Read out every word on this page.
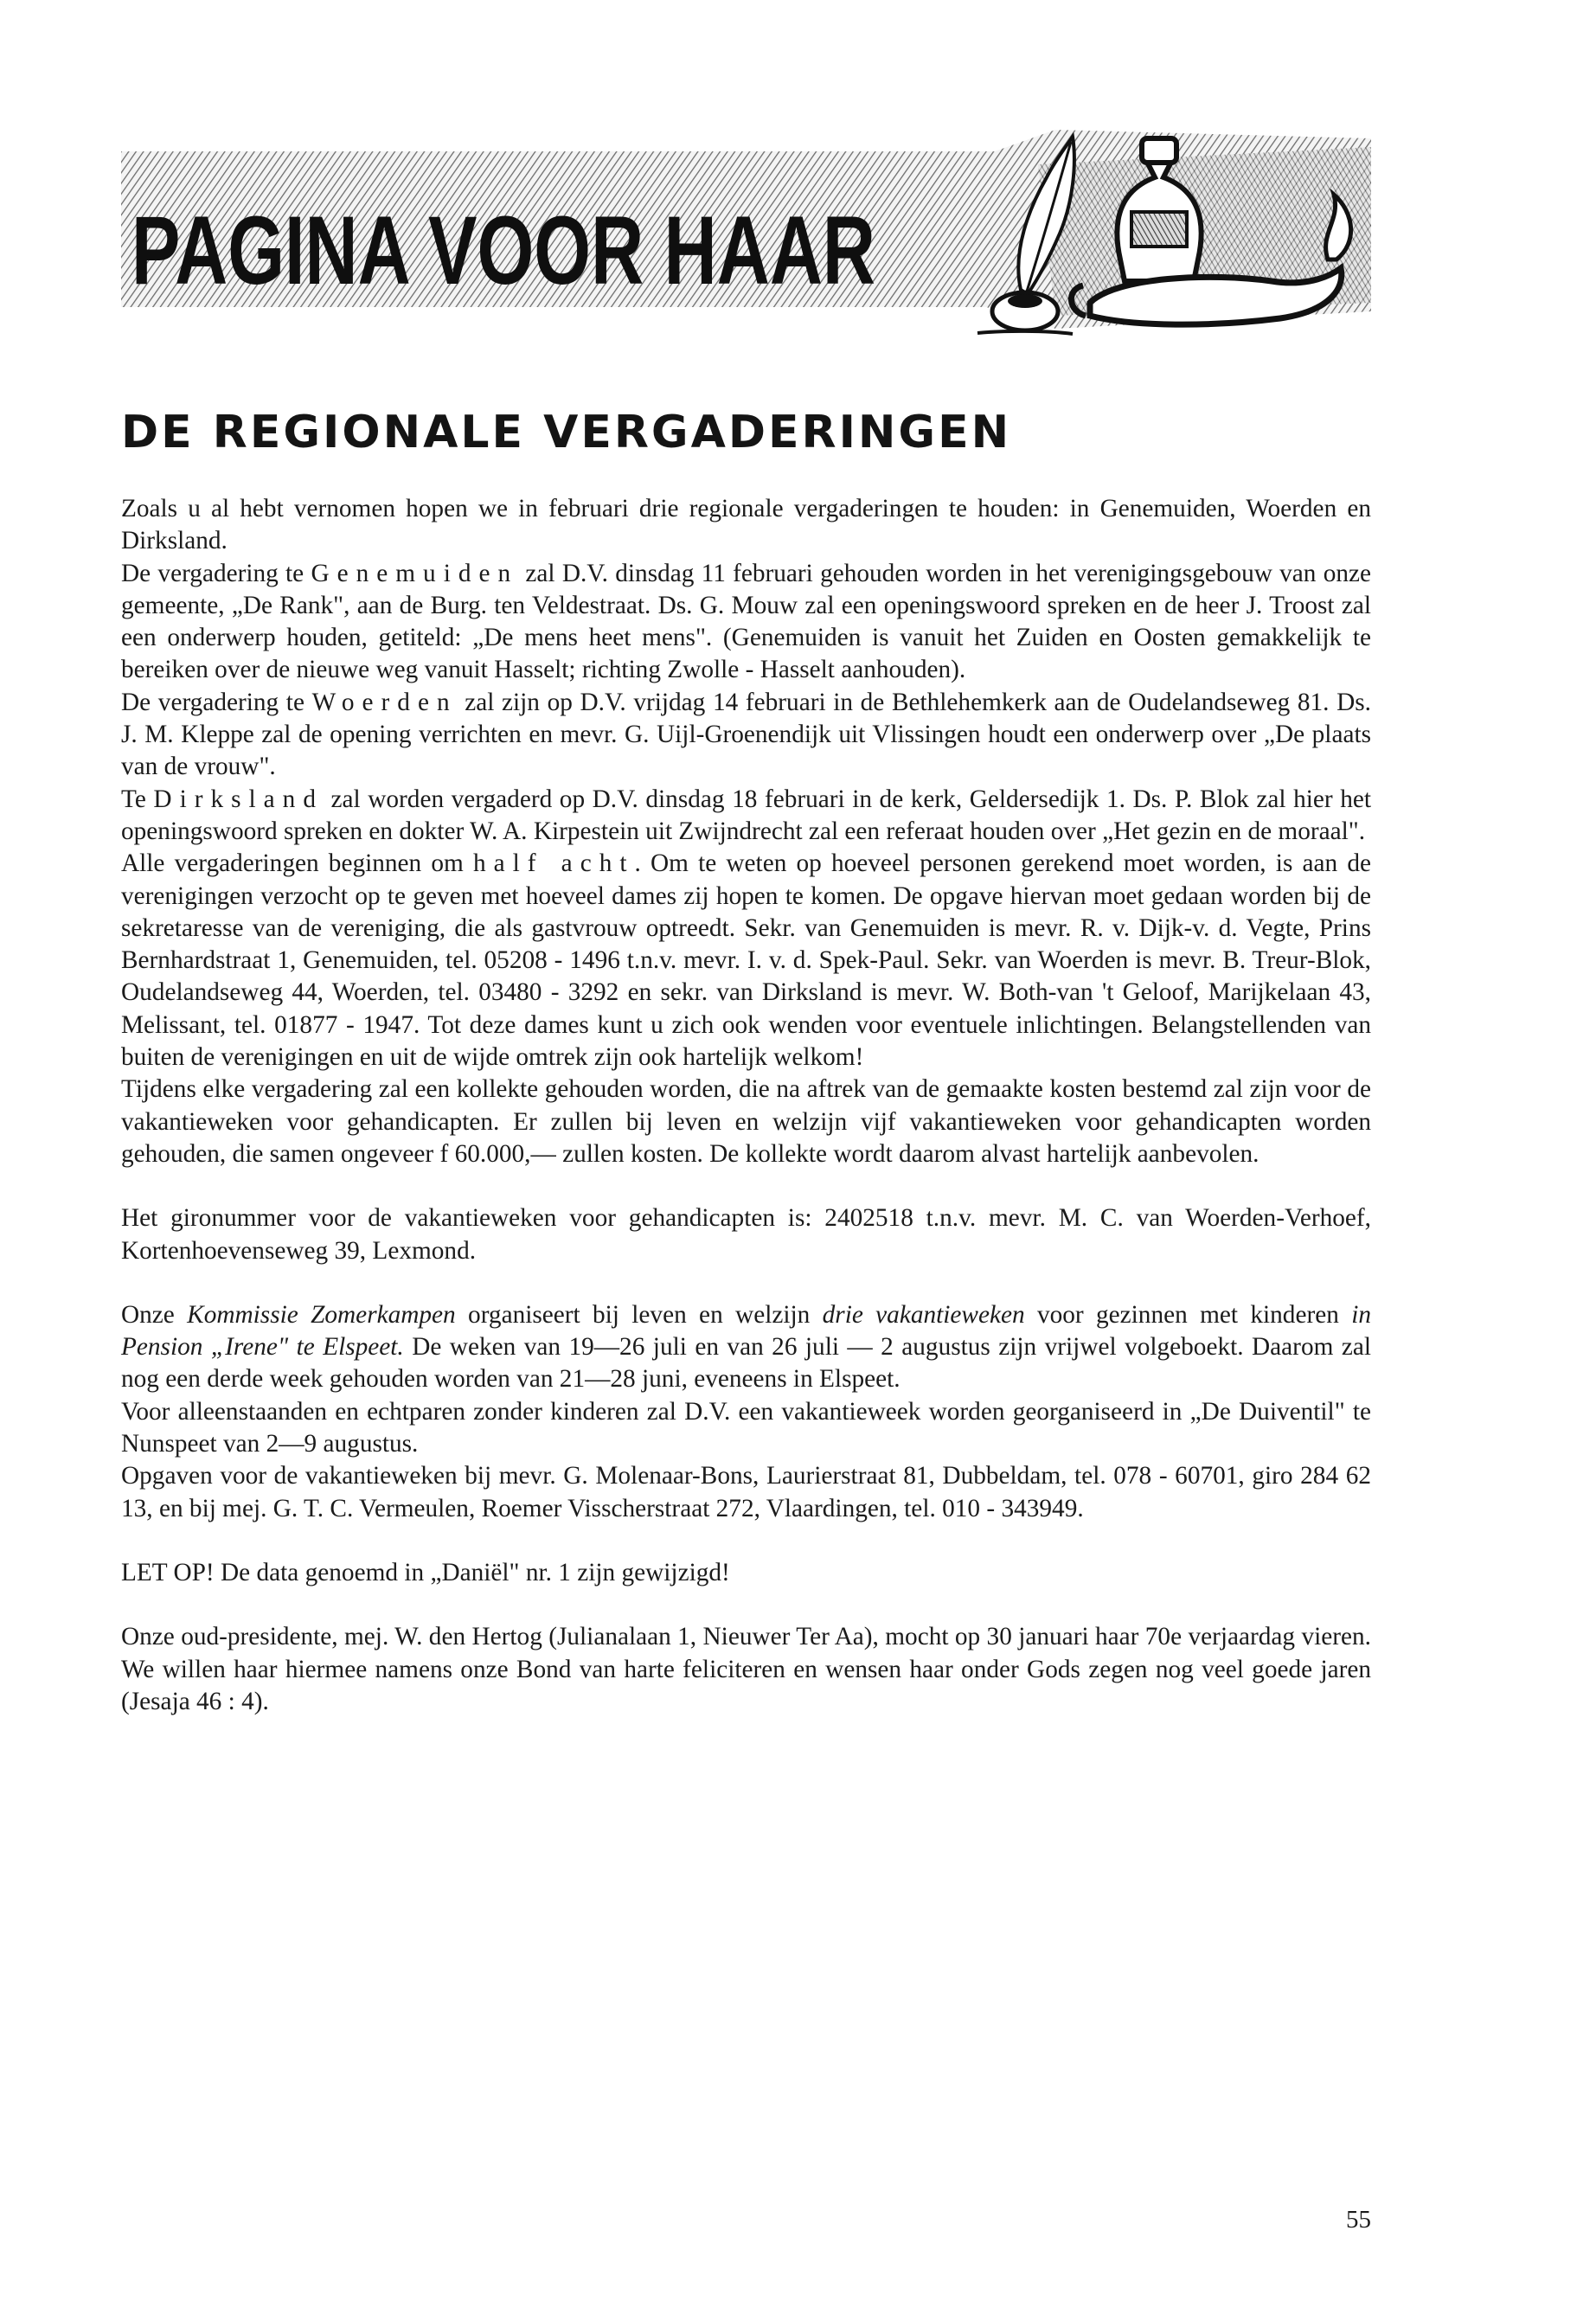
PAGINA VOOR HAAR
DE REGIONALE VERGADERINGEN

Zoals u al hebt vernomen hopen we in februari drie regionale vergaderingen te houden: in Genemuiden, Woerden en Dirksland.
De vergadering te Genemuiden zal D.V. dinsdag 11 februari gehouden worden in het verenigingsgebouw van onze gemeente, „De Rank", aan de Burg. ten Veldestraat. Ds. G. Mouw zal een openingswoord spreken en de heer J. Troost zal een onderwerp houden, getiteld: „De mens heet mens". (Genemuiden is vanuit het Zuiden en Oosten gemakkelijk te bereiken over de nieuwe weg vanuit Hasselt; richting Zwolle - Hasselt aanhouden).
De vergadering te Woerden zal zijn op D.V. vrijdag 14 februari in de Bethlehemkerk aan de Oudelandseweg 81. Ds. J. M. Kleppe zal de opening verrichten en mevr. G. Uijl-Groenendijk uit Vlissingen houdt een onderwerp over „De plaats van de vrouw".
Te Dirksland zal worden vergaderd op D.V. dinsdag 18 februari in de kerk, Geldersedijk 1. Ds. P. Blok zal hier het openingswoord spreken en dokter W. A. Kirpestein uit Zwijndrecht zal een referaat houden over „Het gezin en de moraal".
Alle vergaderingen beginnen om half acht. Om te weten op hoeveel personen gerekend moet worden, is aan de verenigingen verzocht op te geven met hoeveel dames zij hopen te komen. De opgave hiervan moet gedaan worden bij de sekretaresse van de vereniging, die als gastvrouw optreedt. Sekr. van Genemuiden is mevr. R. v. Dijk-v. d. Vegte, Prins Bernhardstraat 1, Genemuiden, tel. 05208 - 1496 t.n.v. mevr. I. v. d. Spek-Paul. Sekr. van Woerden is mevr. B. Treur-Blok, Oudelandseweg 44, Woerden, tel. 03480 - 3292 en sekr. van Dirksland is mevr. W. Both-van 't Geloof, Marijkelaan 43, Melissant, tel. 01877 - 1947. Tot deze dames kunt u zich ook wenden voor eventuele inlichtingen. Belangstellenden van buiten de verenigingen en uit de wijde omtrek zijn ook hartelijk welkom!
Tijdens elke vergadering zal een kollekte gehouden worden, die na aftrek van de gemaakte kosten bestemd zal zijn voor de vakantieweken voor gehandicapten. Er zullen bij leven en welzijn vijf vakantieweken voor gehandicapten worden gehouden, die samen ongeveer f 60.000,— zullen kosten. De kollekte wordt daarom alvast hartelijk aanbevolen.

Het gironummer voor de vakantieweken voor gehandicapten is: 2402518 t.n.v. mevr. M. C. van Woerden-Verhoef, Kortenhoevenseweg 39, Lexmond.

Onze Kommissie Zomerkampen organiseert bij leven en welzijn drie vakantieweken voor gezinnen met kinderen in Pension „Irene" te Elspeet. De weken van 19—26 juli en van 26 juli — 2 augustus zijn vrijwel volgeboekt. Daarom zal nog een derde week gehouden worden van 21—28 juni, eveneens in Elspeet.
Voor alleenstaanden en echtparen zonder kinderen zal D.V. een vakantieweek worden georganiseerd in „De Duiventil" te Nunspeet van 2—9 augustus.
Opgaven voor de vakantieweken bij mevr. G. Molenaar-Bons, Laurierstraat 81, Dubbeldam, tel. 078 - 60701, giro 284 62 13, en bij mej. G. T. C. Vermeulen, Roemer Visscherstraat 272, Vlaardingen, tel. 010 - 343949.

LET OP! De data genoemd in „Daniël" nr. 1 zijn gewijzigd!

Onze oud-presidente, mej. W. den Hertog (Julianalaan 1, Nieuwer Ter Aa), mocht op 30 januari haar 70e verjaardag vieren. We willen haar hiermee namens onze Bond van harte feliciteren en wensen haar onder Gods zegen nog veel goede jaren (Jesaja 46 : 4).

55
